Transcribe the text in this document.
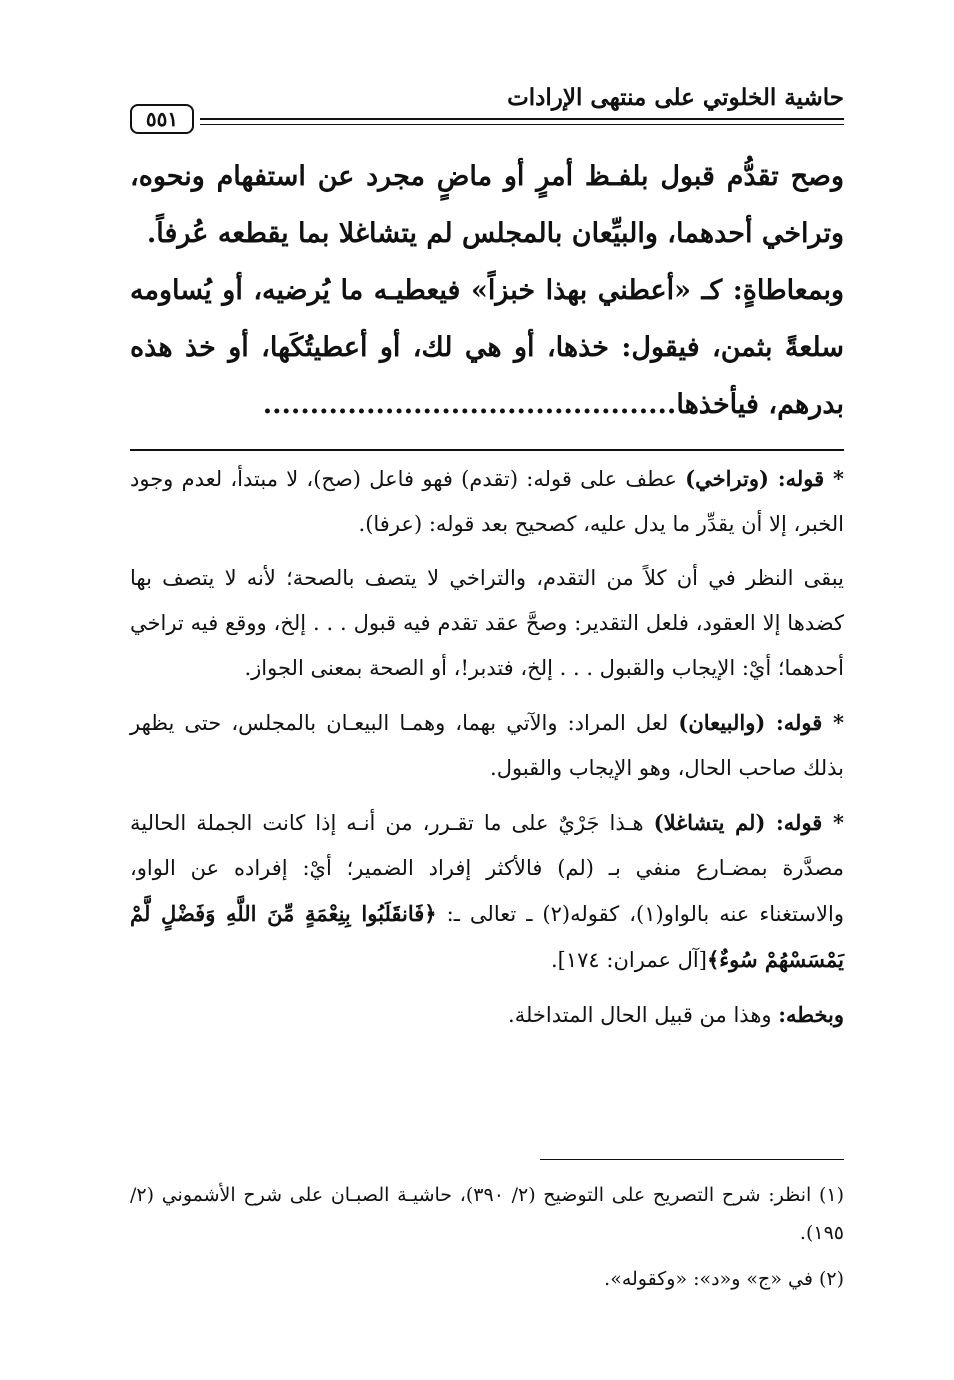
حاشية الخلوتي على منتهى الإرادات
٥٥١

وصح تقدُّم قبول بلفـظ أمرٍ أو ماضٍ مجرد عن استفهام ونحوه، وتراخي أحدهما، والبيِّعان بالمجلس لم يتشاغلا بما يقطعه عُرفاً.

وبمعاطاةٍ: كـ «أعطني بهذا خبزاً» فيعطيـه ما يُرضيه، أو يُساومه سلعةً بثمن، فيقول: خذها، أو هي لك، أو أعطيتُكَها، أو خذ هذه بدرهم، فيأخذها............................................

* قوله: (وتراخي) عطف على قوله: (تقدم) فهو فاعل (صح)، لا مبتدأ، لعدم وجود الخبر، إلا أن يقدِّر ما يدل عليه، كصحيح بعد قوله: (عرفا).

يبقى النظر في أن كلاً من التقدم، والتراخي لا يتصف بالصحة؛ لأنه لا يتصف بها كضدها إلا العقود، فلعل التقدير: وصحَّ عقد تقدم فيه قبول . . . إلخ، ووقع فيه تراخي أحدهما؛ أيْ: الإيجاب والقبول . . . إلخ، فتدبر!، أو الصحة بمعنى الجواز.

* قوله: (والبيعان) لعل المراد: والآتي بهما، وهمـا البيعـان بالمجلس، حتى يظهر بذلك صاحب الحال، وهو الإيجاب والقبول.

* قوله: (لم يتشاغلا) هـذا جَرْيٌ على ما تقـرر، من أنـه إذا كانت الجملة الحالية مصدَّرة بمضـارع منفي بـ (لم) فالأكثر إفراد الضمير؛ أيْ: إفراده عن الواو، والاستغناء عنه بالواو(١)، كقوله(٢) ـ تعالى ـ: ﴿فَانقَلَبُوا بِنِعْمَةٍ مِّنَ اللَّهِ وَفَضْلٍ لَّمْ يَمْسَسْهُمْ سُوءٌ﴾[آل عمران: ١٧٤].

وبخطه: وهذا من قبيل الحال المتداخلة.

(١) انظر: شرح التصريح على التوضيح (٢/ ٣٩٠)، حاشيـة الصبـان على شرح الأشموني (٢/ ١٩٥).

(٢) في «ج» و«د»: «وكقوله».
